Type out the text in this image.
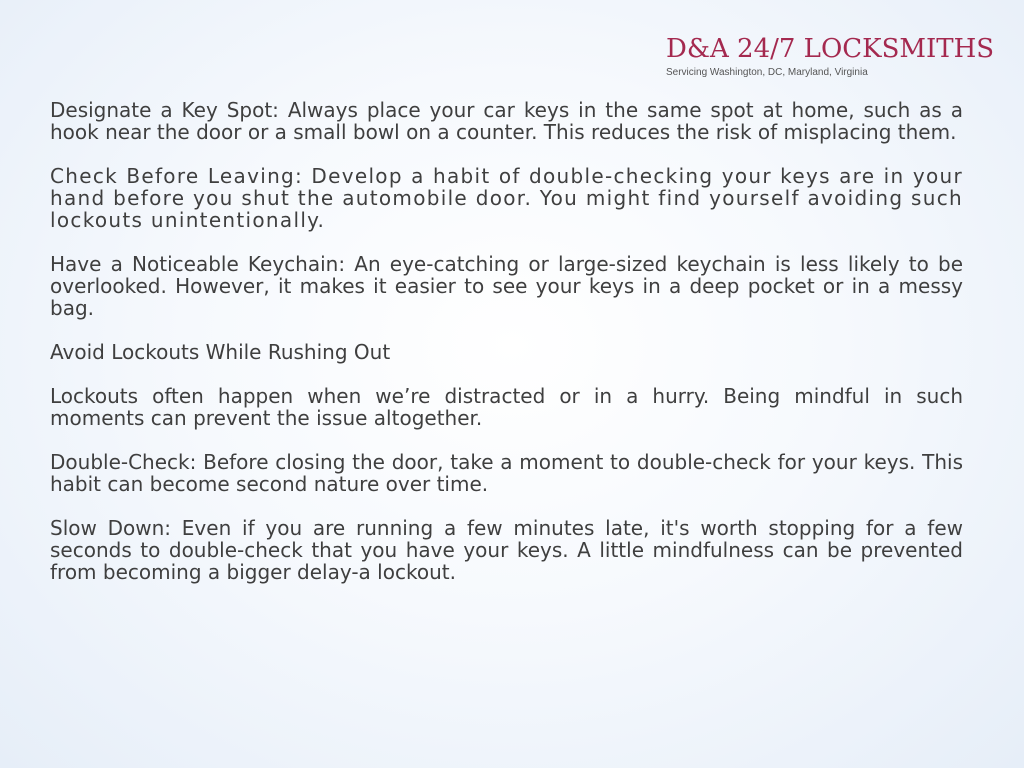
D&A 24/7 LOCKSMITHS
Servicing Washington, DC, Maryland, Virginia

Designate a Key Spot: Always place your car keys in the same spot at home, such as a hook near the door or a small bowl on a counter. This reduces the risk of misplacing them.

Check Before Leaving: Develop a habit of double-checking your keys are in your hand before you shut the automobile door. You might find yourself avoiding such lockouts unintentionally.

Have a Noticeable Keychain: An eye-catching or large-sized keychain is less likely to be overlooked. However, it makes it easier to see your keys in a deep pocket or in a messy bag.

Avoid Lockouts While Rushing Out

Lockouts often happen when we’re distracted or in a hurry. Being mindful in such moments can prevent the issue altogether.

Double-Check: Before closing the door, take a moment to double-check for your keys. This habit can become second nature over time.

Slow Down: Even if you are running a few minutes late, it's worth stopping for a few seconds to double-check that you have your keys. A little mindfulness can be prevented from becoming a bigger delay-a lockout.
